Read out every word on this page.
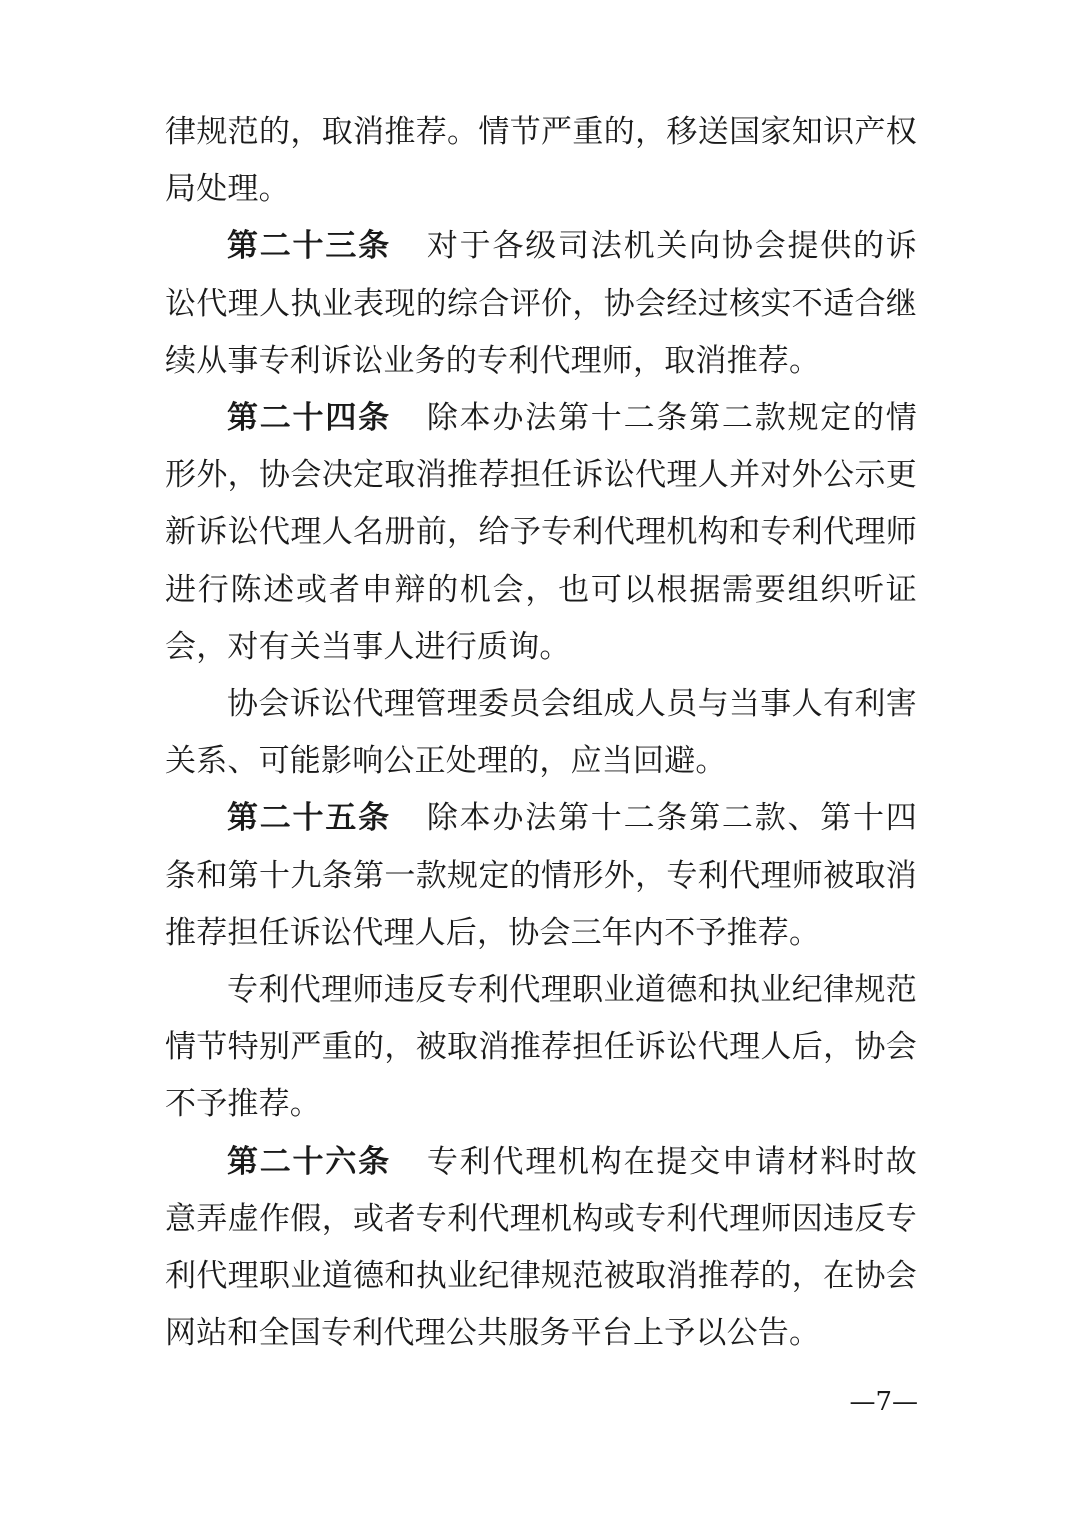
律规范的，取消推荐。情节严重的，移送国家知识产权局处理。

第二十三条 对于各级司法机关向协会提供的诉讼代理人执业表现的综合评价，协会经过核实不适合继续从事专利诉讼业务的专利代理师，取消推荐。

第二十四条 除本办法第十二条第二款规定的情形外，协会决定取消推荐担任诉讼代理人并对外公示更新诉讼代理人名册前，给予专利代理机构和专利代理师进行陈述或者申辩的机会，也可以根据需要组织听证会，对有关当事人进行质询。

协会诉讼代理管理委员会组成人员与当事人有利害关系、可能影响公正处理的，应当回避。

第二十五条 除本办法第十二条第二款、第十四条和第十九条第一款规定的情形外，专利代理师被取消推荐担任诉讼代理人后，协会三年内不予推荐。

专利代理师违反专利代理职业道德和执业纪律规范情节特别严重的，被取消推荐担任诉讼代理人后，协会不予推荐。

第二十六条 专利代理机构在提交申请材料时故意弄虚作假，或者专利代理机构或专利代理师因违反专利代理职业道德和执业纪律规范被取消推荐的，在协会网站和全国专利代理公共服务平台上予以公告。

—7—
